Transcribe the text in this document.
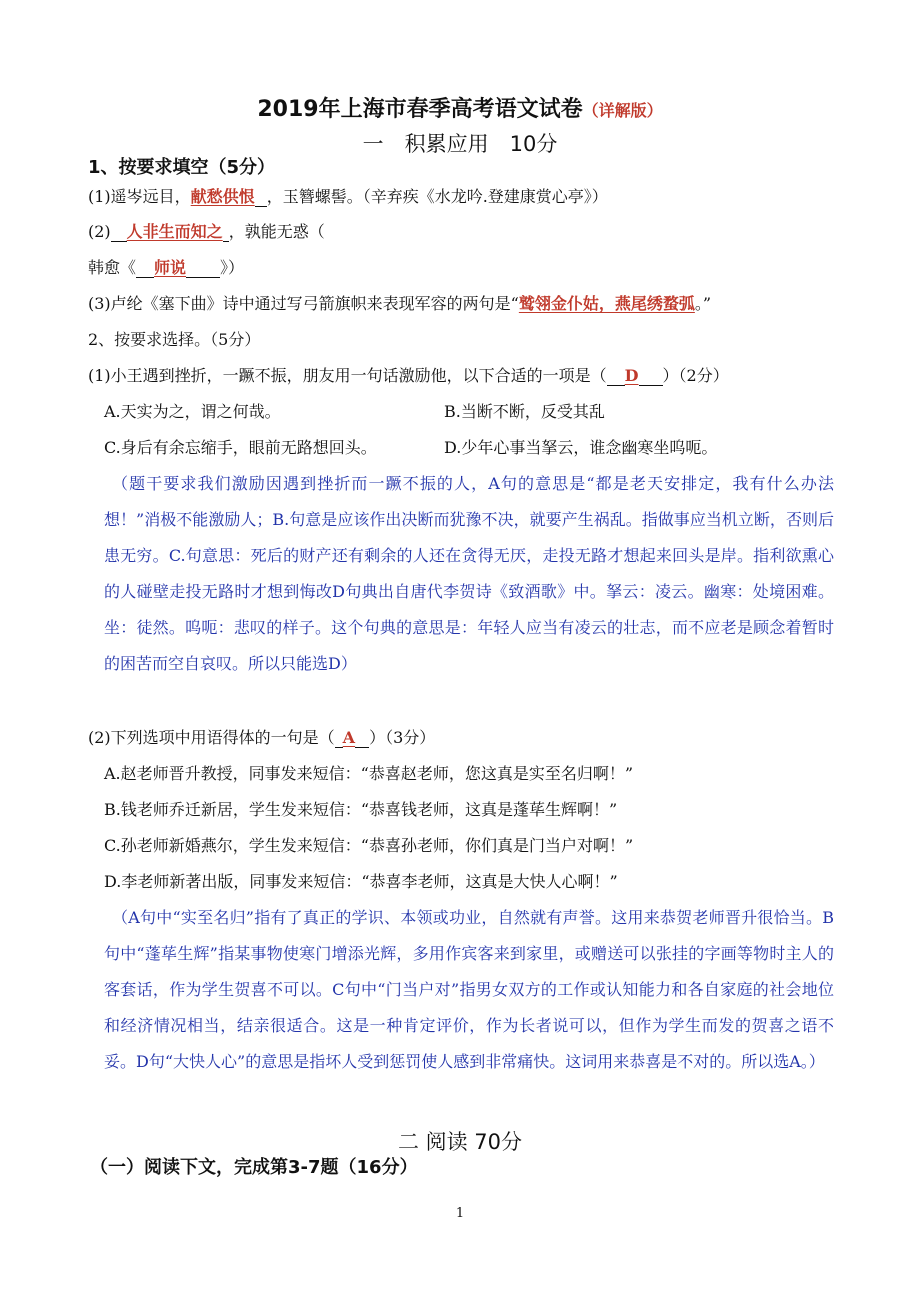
2019年上海市春季高考语文试卷（详解版）
一　积累应用　10分
1、按要求填空（5分）
(1)遥岑远目，献愁供恨 ，玉簪螺髻。（辛弃疾《水龙吟.登建康赏心亭》）
(2) 人非生而知之 ，孰能无惑（
韩愈《 师说 》）
(3)卢纶《塞下曲》诗中通过写弓箭旗帜来表现军容的两句是“鹫翎金仆姑，燕尾绣蝥弧。”
2、按要求选择。（5分）
(1)小王遇到挫折，一蹶不振，朋友用一句话激励他，以下合适的一项是（ D ）（2分）
A.天实为之，谓之何哉。	B.当断不断，反受其乱
C.身后有余忘缩手，眼前无路想回头。	D.少年心事当拏云，谁念幽寒坐呜呃。
（题干要求我们激励因遇到挫折而一蹶不振的人，A句的意思是“都是老天安排定，我有什么办法想！”消极不能激励人；B.句意是应该作出决断而犹豫不决，就要产生祸乱。指做事应当机立断，否则后患无穷。C.句意思：死后的财产还有剩余的人还在贪得无厌，走投无路才想起来回头是岸。指利欲熏心的人碰壁走投无路时才想到悔改D句典出自唐代李贺诗《致酒歌》中。拏云：凌云。幽寒：处境困难。坐：徒然。呜呃：悲叹的样子。这个句典的意思是：年轻人应当有凌云的壮志，而不应老是顾念着暂时的困苦而空自哀叹。所以只能选D）
(2)下列选项中用语得体的一句是（ A ）（3分）
A.赵老师晋升教授，同事发来短信：“恭喜赵老师，您这真是实至名归啊！”
B.钱老师乔迁新居，学生发来短信：“恭喜钱老师，这真是蓬荜生辉啊！”
C.孙老师新婚燕尔，学生发来短信：“恭喜孙老师，你们真是门当户对啊！”
D.李老师新著出版，同事发来短信：“恭喜李老师，这真是大快人心啊！”
（A句中“实至名归”指有了真正的学识、本领或功业，自然就有声誉。这用来恭贺老师晋升很恰当。B句中“蓬荜生辉”指某事物使寒门增添光辉，多用作宾客来到家里，或赠送可以张挂的字画等物时主人的客套话，作为学生贺喜不可以。C句中“门当户对”指男女双方的工作或认知能力和各自家庭的社会地位和经济情况相当，结亲很适合。这是一种肯定评价，作为长者说可以，但作为学生而发的贺喜之语不妥。D句“大快人心”的意思是指坏人受到惩罚使人感到非常痛快。这词用来恭喜是不对的。所以选A。）
二 阅读 70分
（一）阅读下文，完成第3-7题（16分）
1
